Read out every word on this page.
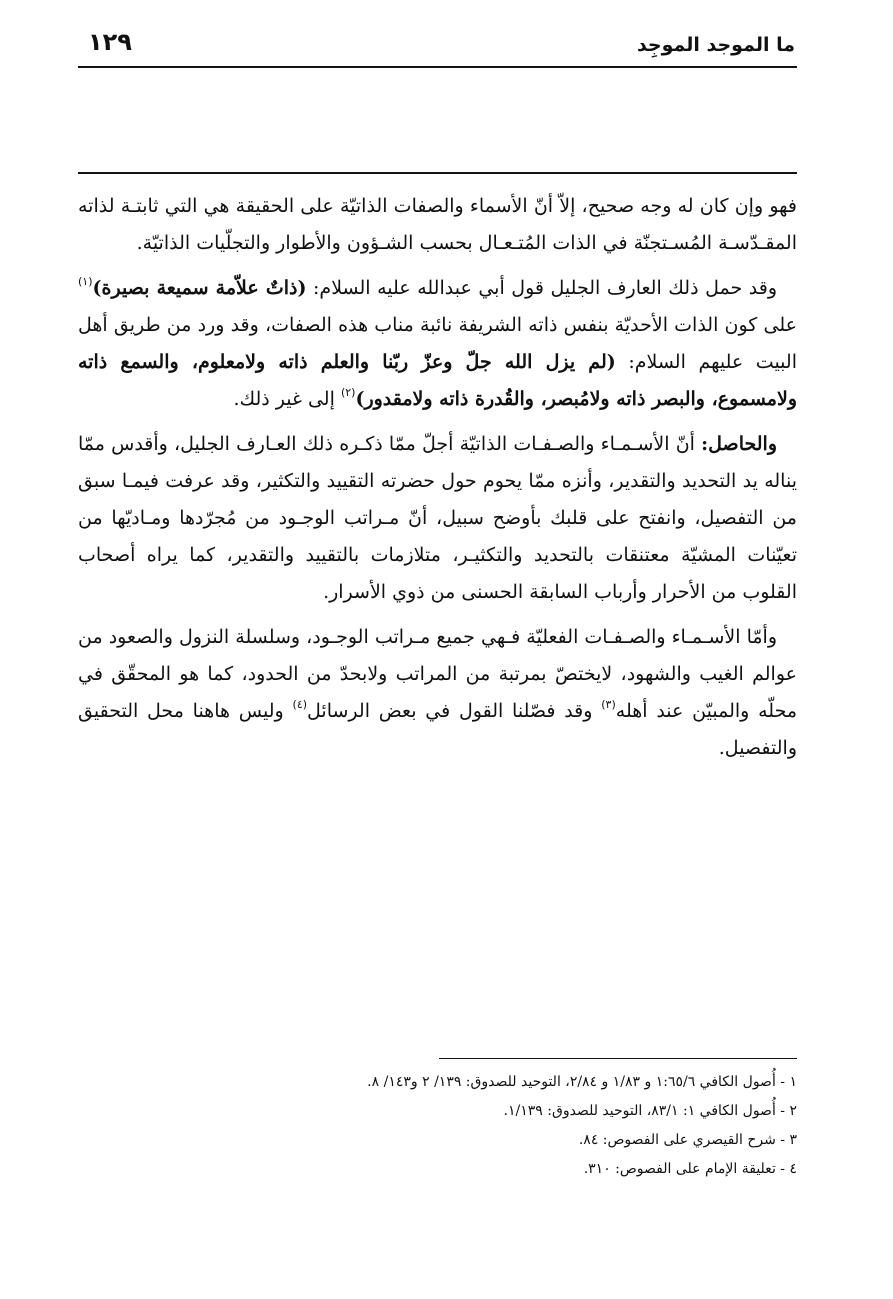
ما الموجد الموجِد
١٢٩

فهو وإن كان له وجه صحيح، إلاّ أنّ الأسماء والصفات الذاتيّة على الحقيقة هي التي ثابتـة لذاته المقـدّسـة المُسـتجنّة في الذات المُتـعـال بحسب الشـؤون والأطوار والتجلّيات الذاتيّة.

وقد حمل ذلك العارف الجليل قول أبي عبدالله عليه السلام: (ذاتٌ علاّمة سميعة بصيرة)$^{(١)}$ على كون الذات الأحديّة بنفس ذاته الشريفة نائبة مناب هذه الصفات، وقد ورد من طريق أهل البيت عليهم السلام: (لم يزل الله جلّ وعزّ ربّنا والعلم ذاته ولامعلوم، والسمع ذاته ولامسموع، والبصر ذاته ولامُبصر، والقُدرة ذاته ولامقدور)$^{(٢)}$ إلى غير ذلك.

والحاصل: أنّ الأسـمـاء والصـفـات الذاتيّة أجلّ ممّا ذكـره ذلك العـارف الجليل، وأقدس ممّا يناله يد التحديد والتقدير، وأنزه ممّا يحوم حول حضرته التقييد والتكثير، وقد عرفت فيمـا سبق من التفصيل، وانفتح على قلبك بأوضح سبيل، أنّ مـراتب الوجـود من مُجرّدها ومـاديّها من تعيّنات المشيّة معتنقات بالتحديد والتكثيـر، متلازمات بالتقييد والتقدير، كما يراه أصحاب القلوب من الأحرار وأرباب السابقة الحسنى من ذوي الأسرار.

وأمّا الأسـمـاء والصـفـات الفعليّة فـهي جميع مـراتب الوجـود، وسلسلة النزول والصعود من عوالم الغيب والشهود، لايختصّ بمرتبة من المراتب ولابحدّ من الحدود، كما هو المحقّق في محلّه والمبيّن عند أهله$^{(٣)}$ وقد فصّلنا القول في بعض الرسائل$^{(٤)}$ وليس هاهنا محل التحقيق والتفصيل.

١ - أُصول الكافي ١:٦٥/٦ و ١/٨٣ و ٢/٨٤، التوحيد للصدوق: ١٣٩/ ٢ و١٤٣/ ٨.
٢ - أُصول الكافي ١: ٨٣/١، التوحيد للصدوق: ١/١٣٩.
٣ - شرح القيصري على الفصوص: ٨٤.
٤ - تعليقة الإمام على الفصوص: ٣١٠.
